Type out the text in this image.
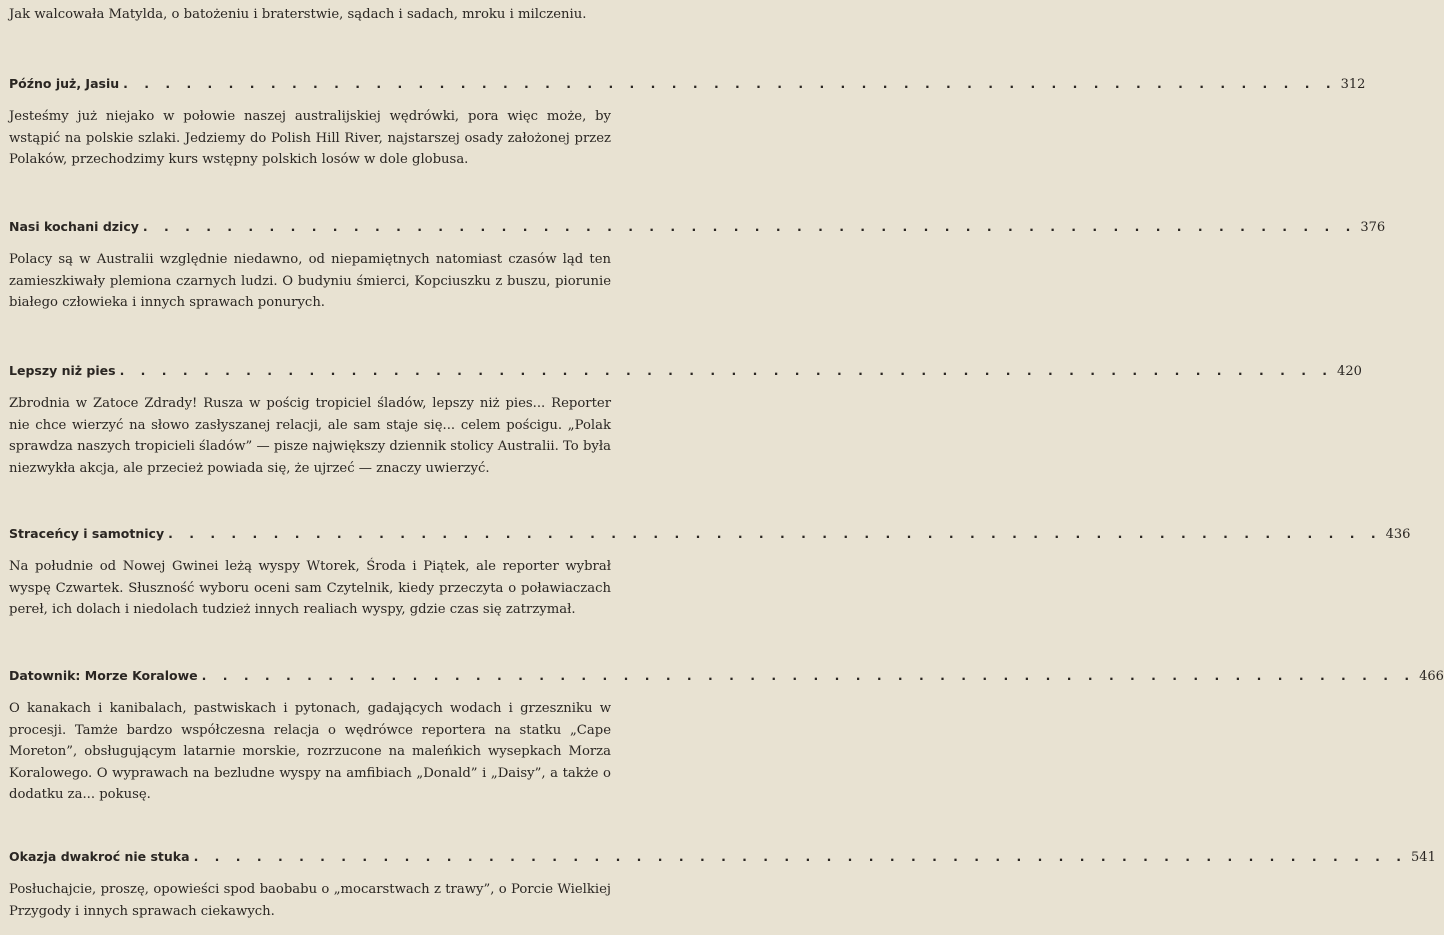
Jak walcowała Matylda, o batożeniu i braterstwie, sądach i sadach, mroku i milczeniu.

Późno już, Jasiu . . . . . . . . . . . . . . . . . . . . . . . . . . . . . . . . . . . . . . . . . . . . . . . . . . . . . . . . . . 312

Jesteśmy już niejako w połowie naszej australijskiej wędrówki, pora więc może, by wstąpić na polskie szlaki. Jedziemy do Polish Hill River, najstarszej osady założonej przez Polaków, przechodzimy kurs wstępny polskich losów w dole globusa.

Nasi kochani dzicy . . . . . . . . . . . . . . . . . . . . . . . . . . . . . . . . . . . . . . . . . . . . . . . . . . . . . . . . . . 376

Polacy są w Australii względnie niedawno, od niepamiętnych natomiast czasów ląd ten zamieszkiwały plemiona czarnych ludzi. O budyniu śmierci, Kopciuszku z buszu, piorunie białego człowieka i innych sprawach ponurych.

Lepszy niż pies . . . . . . . . . . . . . . . . . . . . . . . . . . . . . . . . . . . . . . . . . . . . . . . . . . . . . . . . . . 420

Zbrodnia w Zatoce Zdrady! Rusza w pościg tropiciel śladów, lepszy niż pies... Reporter nie chce wierzyć na słowo zasłyszanej relacji, ale sam staje się... celem pościgu. „Polak sprawdza naszych tropicieli śladów” — pisze największy dziennik stolicy Australii. To była niezwykła akcja, ale przecież powiada się, że ujrzeć — znaczy uwierzyć.

Straceńcy i samotnicy . . . . . . . . . . . . . . . . . . . . . . . . . . . . . . . . . . . . . . . . . . . . . . . . . . . . . . . . . . 436

Na południe od Nowej Gwinei leżą wyspy Wtorek, Środa i Piątek, ale reporter wybrał wyspę Czwartek. Słuszność wyboru oceni sam Czytelnik, kiedy przeczyta o poławiaczach pereł, ich dolach i niedolach tudzież innych realiach wyspy, gdzie czas się zatrzymał.

Datownik: Morze Koralowe . . . . . . . . . . . . . . . . . . . . . . . . . . . . . . . . . . . . . . . . . . . . . . . . . . . . . . . . . . 466

O kanakach i kanibalach, pastwiskach i pytonach, gadających wodach i grzeszniku w procesji. Tamże bardzo współczesna relacja o wędrówce reportera na statku „Cape Moreton”, obsługującym latarnie morskie, rozrzucone na maleńkich wysepkach Morza Koralowego. O wyprawach na bezludne wyspy na amfibiach „Donald” i „Daisy”, a także o dodatku za... pokusę.

Okazja dwakroć nie stuka . . . . . . . . . . . . . . . . . . . . . . . . . . . . . . . . . . . . . . . . . . . . . . . . . . . . . . . . . . 541

Posłuchajcie, proszę, opowieści spod baobabu o „mocarstwach z trawy”, o Porcie Wielkiej Przygody i innych sprawach ciekawych.
